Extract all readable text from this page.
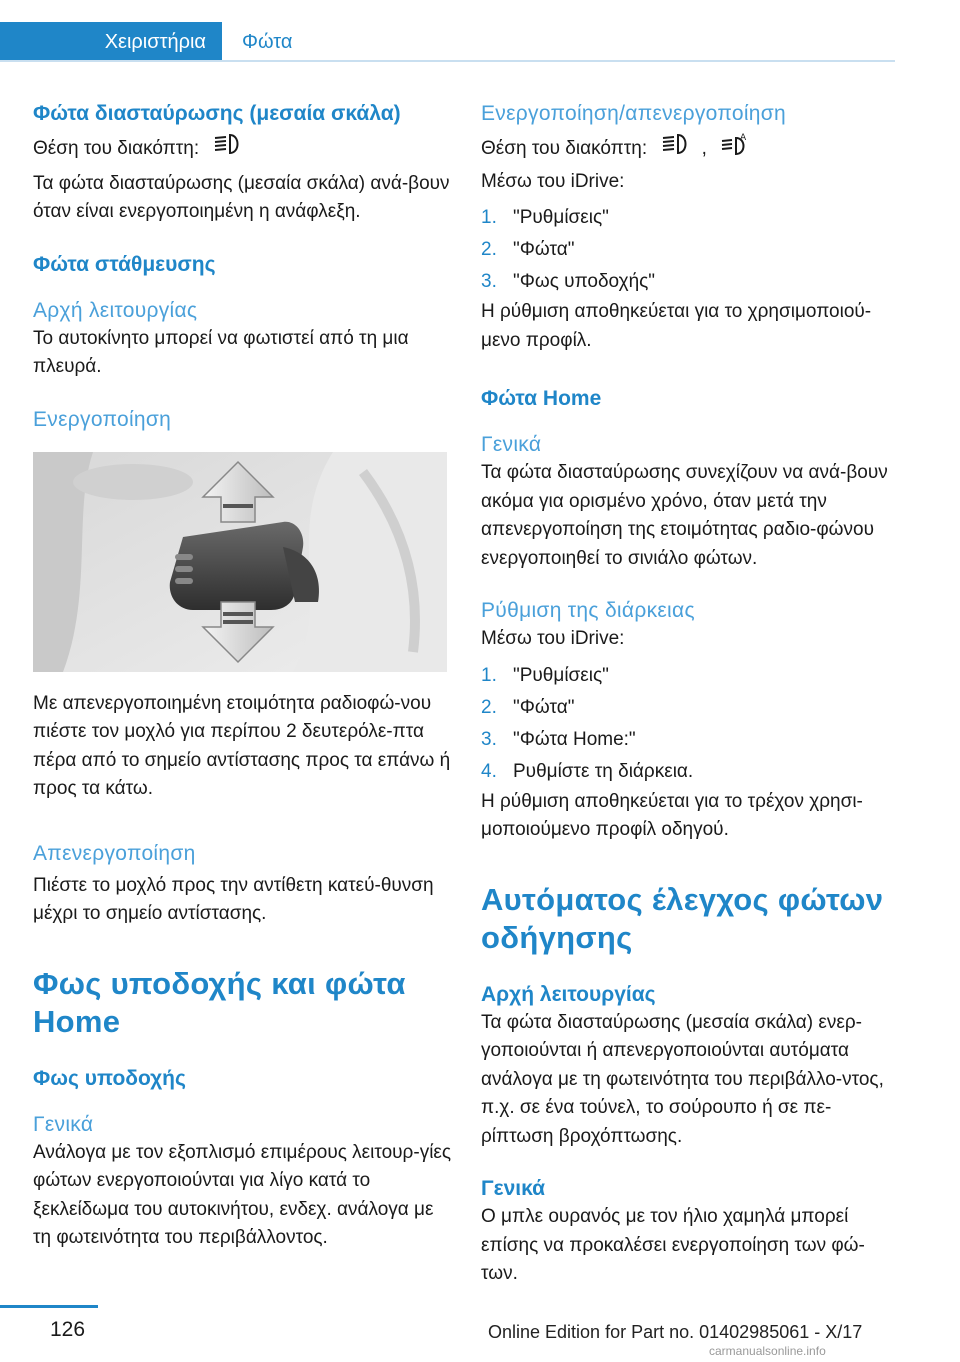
Χειριστήρια	Φώτα
Φώτα διασταύρωσης (μεσαία σκάλα)
Θέση του διακόπτη:
Τα φώτα διασταύρωσης (μεσαία σκάλα) ανά-βουν όταν είναι ενεργοποιημένη η ανάφλεξη.
Φώτα στάθμευσης
Αρχή λειτουργίας
Το αυτοκίνητο μπορεί να φωτιστεί από τη μια πλευρά.
Ενεργοποίηση
Με απενεργοποιημένη ετοιμότητα ραδιοφώ-νου πιέστε τον μοχλό για περίπου 2 δευτερόλε-πτα πέρα από το σημείο αντίστασης προς τα επάνω ή προς τα κάτω.
Απενεργοποίηση
Πιέστε το μοχλό προς την αντίθετη κατεύ-θυνση μέχρι το σημείο αντίστασης.
Φως υποδοχής και φώτα Home
Φως υποδοχής
Γενικά
Ανάλογα με τον εξοπλισμό επιμέρους λειτουρ-γίες φώτων ενεργοποιούνται για λίγο κατά το ξεκλείδωμα του αυτοκινήτου, ενδεχ. ανάλογα με τη φωτεινότητα του περιβάλλοντος.
Ενεργοποίηση/απενεργοποίηση
Θέση του διακόπτη:	,	A
Μέσω του iDrive:
1. "Ρυθμίσεις"
2. "Φώτα"
3. "Φως υποδοχής"
Η ρύθμιση αποθηκεύεται για το χρησιμοποιού-μενο προφίλ.
Φώτα Home
Γενικά
Τα φώτα διασταύρωσης συνεχίζουν να ανά-βουν ακόμα για ορισμένο χρόνο, όταν μετά την απενεργοποίηση της ετοιμότητας ραδιο-φώνου ενεργοποιηθεί το σινιάλο φώτων.
Ρύθμιση της διάρκειας
Μέσω του iDrive:
1. "Ρυθμίσεις"
2. "Φώτα"
3. "Φώτα Home:"
4. Ρυθμίστε τη διάρκεια.
Η ρύθμιση αποθηκεύεται για το τρέχον χρησι-μοποιούμενο προφίλ οδηγού.
Αυτόματος έλεγχος φώτων οδήγησης
Αρχή λειτουργίας
Τα φώτα διασταύρωσης (μεσαία σκάλα) ενερ-γοποιούνται ή απενεργοποιούνται αυτόματα ανάλογα με τη φωτεινότητα του περιβάλλο-ντος, π.χ. σε ένα τούνελ, το σούρουπο ή σε πε-ρίπτωση βροχόπτωσης.
Γενικά
Ο μπλε ουρανός με τον ήλιο χαμηλά μπορεί επίσης να προκαλέσει ενεργοποίηση των φώ-των.
126	Online Edition for Part no. 01402985061 - X/17
carmanualsonline.info
